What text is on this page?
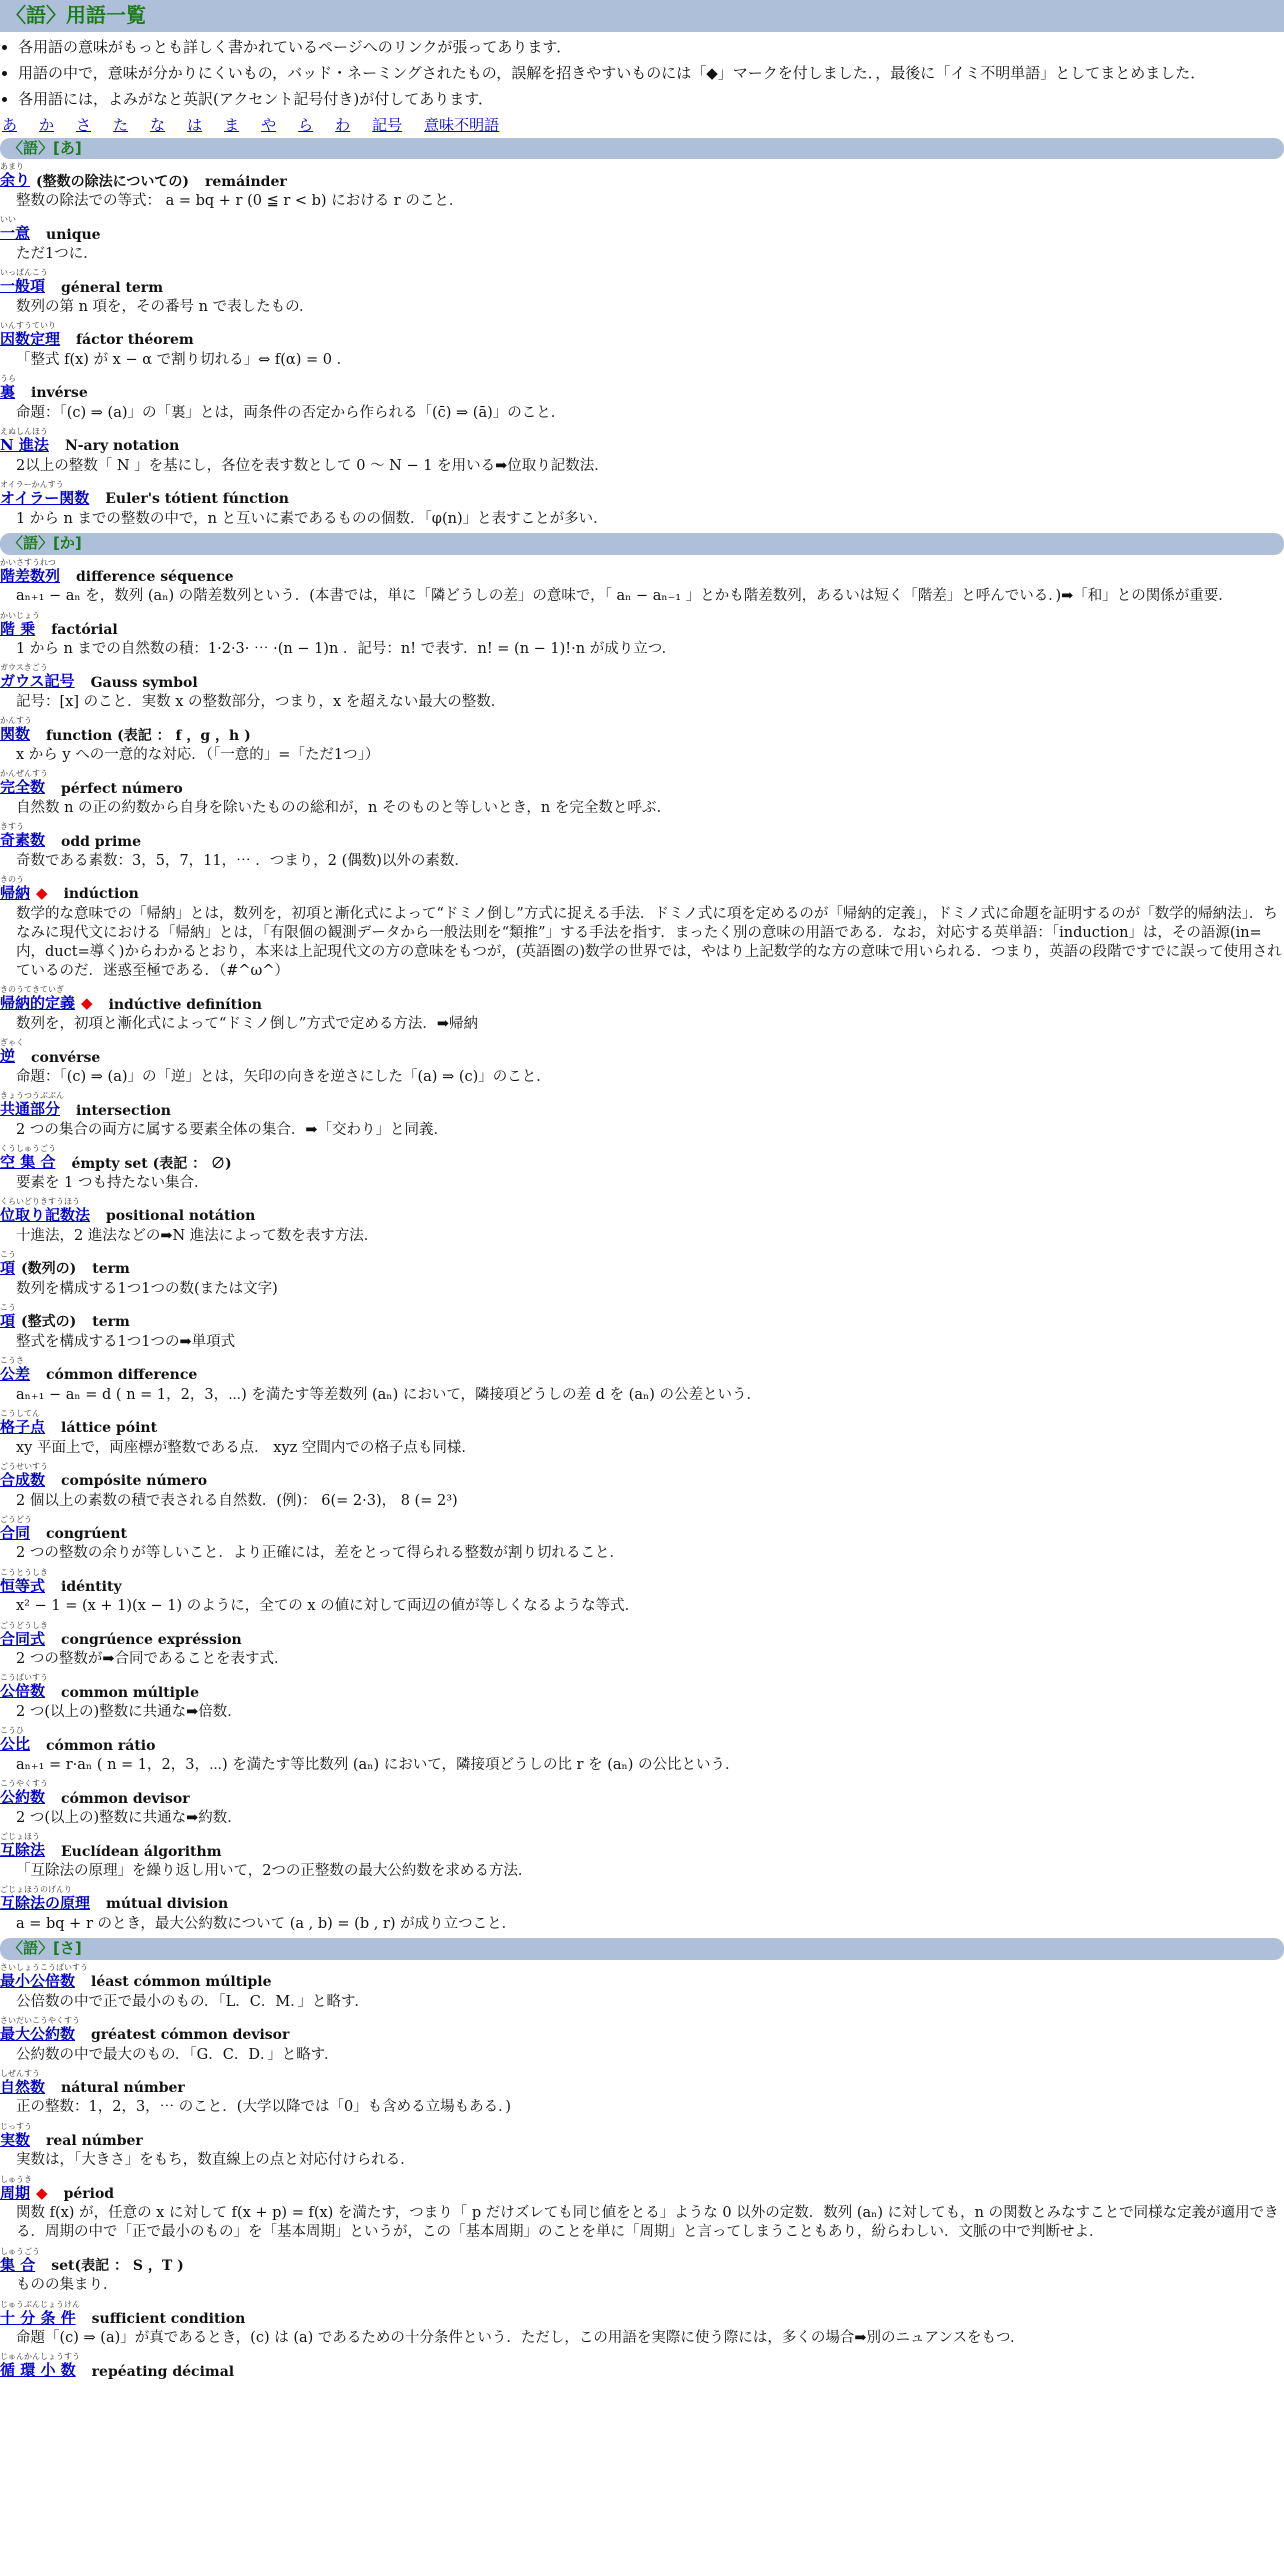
〈語〉用語一覧
• 各用語の意味がもっとも詳しく書かれているページへのリンクが張ってあります．
• 用語の中で，意味が分かりにくいもの，バッド・ネーミングされたもの，誤解を招きやすいものには「◆」マークを付しました．，最後に「イミ不明単語」としてまとめました．
• 各用語には，よみがなと英訳(アクセント記号付き)が付してあります．
あ か さ た な は ま や ら わ 記号 意味不明語
〈語〉[あ]
あまり
余り (整数の除法についての) remáinder
整数の除法での等式： a = bq + r (0 ≦ r < b) における r のこと．
いい
一意 unique
ただ1つに．
いっぱんこう
一般項 géneral term
数列の第 n 項を，その番号 n で表したもの．
いんすうていり
因数定理 fáctor théorem
「整式 f(x) が x − α で割り切れる」⇔ f(α) = 0 ．
うら
裏 invérse
命題：「(c) ⇒ (a)」の「裏」とは，両条件の否定から作られる「(c̄) ⇒ (ā)」のこと．
えぬしんほう
N 進法 N-ary notation
2以上の整数「 N 」を基にし，各位を表す数として 0 ～ N − 1 を用いる➡位取り記数法．
オイラーかんすう
オイラー関数 Euler's tótient fúnction
1 から n までの整数の中で，n と互いに素であるものの個数．「φ(n)」と表すことが多い．
〈語〉[か]
かいさすうれつ
階差数列 difference séquence
aₙ₊₁ − aₙ を，数列 (aₙ) の階差数列という．(本書では，単に「隣どうしの差」の意味で，「 aₙ − aₙ₋₁ 」とかも階差数列，あるいは短く「階差」と呼んでいる．)➡「和」との関係が重要．
かいじょう
階 乗 factórial
1 から n までの自然数の積：1·2·3· ⋯ ·(n − 1)n ．記号：n! で表す．n! = (n − 1)!·n が成り立つ．
ガウスきごう
ガウス記号 Gauss symbol
記号：[x] のこと．実数 x の整数部分，つまり，x を超えない最大の整数．
かんすう
関数 function (表記 ： f ，g ，h )
x から y への一意的な対応．（「一意的」=「ただ1つ」）
かんぜんすう
完全数 pérfect número
自然数 n の正の約数から自身を除いたものの総和が，n そのものと等しいとき，n を完全数と呼ぶ．
きすう
奇素数 odd prime
奇数である素数：3，5，7，11，⋯ ．つまり，2 (偶数)以外の素数．
きのう
帰納 ◆ indúction
数学的な意味での「帰納」とは，数列を，初項と漸化式によって“ドミノ倒し”方式に捉える手法．ドミノ式に項を定めるのが「帰納的定義」，ドミノ式に命題を証明するのが「数学的帰納法」．ちなみに現代文における「帰納」とは，「有限個の観測データから一般法則を“類推”」する手法を指す．まったく別の意味の用語である．なお，対応する英単語：「induction」は，その語源(in=内，duct=導く)からわかるとおり，本来は上記現代文の方の意味をもつが，(英語圏の)数学の世界では，やはり上記数学的な方の意味で用いられる．つまり，英語の段階ですでに誤って使用されているのだ．迷惑至極である．（#^ω^）
きのうてきていぎ
帰納的定義 ◆ indúctive definítion
数列を，初項と漸化式によって“ドミノ倒し”方式で定める方法．➡帰納
ぎゃく
逆 convérse
命題：「(c) ⇒ (a)」の「逆」とは，矢印の向きを逆さにした「(a) ⇒ (c)」のこと．
きょうつうぶぶん
共通部分 intersection
2 つの集合の両方に属する要素全体の集合．➡「交わり」と同義．
くうしゅうごう
空 集 合 émpty set (表記 ： ∅)
要素を 1 つも持たない集合．
くらいどりきすうほう
位取り記数法 positional notátion
十進法，2 進法などの➡N 進法によって数を表す方法．
こう
項 (数列の) term
数列を構成する1つ1つの数(または文字)
こう
項 (整式の) term
整式を構成する1つ1つの➡単項式
こうさ
公差 cómmon difference
aₙ₊₁ − aₙ = d ( n = 1，2，3，⋯) を満たす等差数列 (aₙ) において，隣接項どうしの差 d を (aₙ) の公差という．
こうしてん
格子点 láttice póint
xy 平面上で，両座標が整数である点． xyz 空間内での格子点も同様．
ごうせいすう
合成数 compósite número
2 個以上の素数の積で表される自然数．(例)： 6(= 2·3)， 8 (= 2³)
ごうどう
合同 congrúent
2 つの整数の余りが等しいこと．より正確には，差をとって得られる整数が割り切れること．
こうとうしき
恒等式 idéntity
x² − 1 = (x + 1)(x − 1) のように，全ての x の値に対して両辺の値が等しくなるような等式．
ごうどうしき
合同式 congrúence expréssion
2 つの整数が➡合同であることを表す式．
こうばいすう
公倍数 common múltiple
2 つ(以上の)整数に共通な➡倍数．
こうひ
公比 cómmon rátio
aₙ₊₁ = r·aₙ ( n = 1，2，3，⋯) を満たす等比数列 (aₙ) において，隣接項どうしの比 r を (aₙ) の公比という．
こうやくすう
公約数 cómmon devisor
2 つ(以上の)整数に共通な➡約数．
ごじょほう
互除法 Euclídean álgorithm
「互除法の原理」を繰り返し用いて，2つの正整数の最大公約数を求める方法．
ごじょほうのげんり
互除法の原理 mútual division
a = bq + r のとき，最大公約数について (a , b) = (b , r) が成り立つこと．
〈語〉[さ]
さいしょうこうばいすう
最小公倍数 léast cómmon múltiple
公倍数の中で正で最小のもの．「L．C．M．」と略す．
さいだいこうやくすう
最大公約数 gréatest cómmon devisor
公約数の中で最大のもの．「G．C．D．」と略す．
しぜんすう
自然数 nátural númber
正の整数：1，2，3，⋯ のこと．(大学以降では「0」も含める立場もある．)
じっすう
実数 real númber
実数は，「大きさ」をもち，数直線上の点と対応付けられる．
しゅうき
周期 ◆ périod
関数 f(x) が，任意の x に対して f(x + p) = f(x) を満たす，つまり「 p だけズレても同じ値をとる」ような 0 以外の定数．数列 (aₙ) に対しても，n の関数とみなすことで同様な定義が適用できる．周期の中で「正で最小のもの」を「基本周期」というが，この「基本周期」のことを単に「周期」と言ってしまうこともあり，紛らわしい．文脈の中で判断せよ．
しゅうごう
集 合 set(表記 ： S ，T )
ものの集まり．
じゅうぶんじょうけん
十 分 条 件 sufficient condition
命題「(c) ⇒ (a)」が真であるとき，(c) は (a) であるための十分条件という．ただし，この用語を実際に使う際には，多くの場合➡別のニュアンスをもつ．
じゅんかんしょうすう
循 環 小 数 repéating décimal
